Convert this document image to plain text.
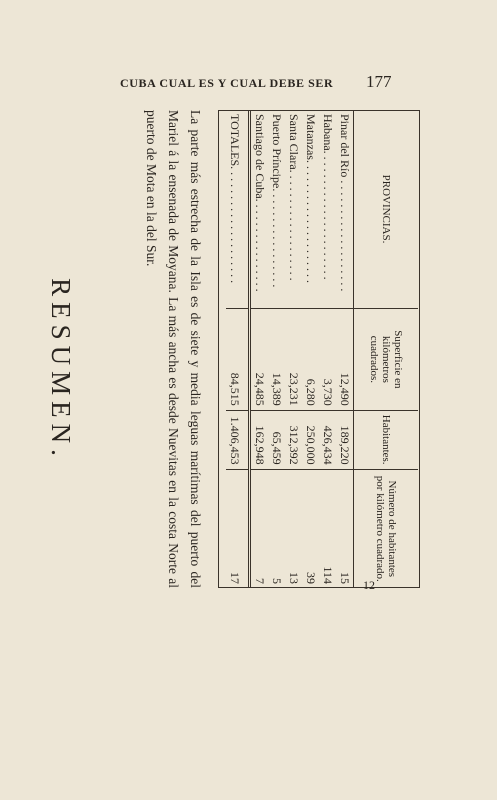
CUBA CUAL ES Y CUAL DEBE SER 177
PROVINCIAS.	Superficie en kilómetros cuadrados.	Habitantes.	Número de habitantes por kilómetro cuadrado.
Pinar del Río . . . . . . . . . . . . . . . . . . .	12,490	189,220	15
Habana. . . . . . . . . . . . . . . . . . . . . .	3,730	426,434	114
Matanzas. . . . . . . . . . . . . . . . . . . . .	6,280	250,000	39
Santa Clara. . . . . . . . . . . . . . . . . . .	23,231	312,392	13
Puerto Príncipe. . . . . . . . . . . . . . . . .	14,389	65,459	5
Santiago de Cuba. . . . . . . . . . . . . . . .	24,485	162,948	7
TOTALES. . . . . . . . . . . . . . . . . . . .	84,515	1.406,453	17
La parte más estrecha de la Isla es de siete y media leguas marítimas del puerto del Mariel á la ensenada de Moyana. La más ancha es desde Nuevitas en la costa Norte al puerto de Mota en la del Sur.
RESUMEN.
12
